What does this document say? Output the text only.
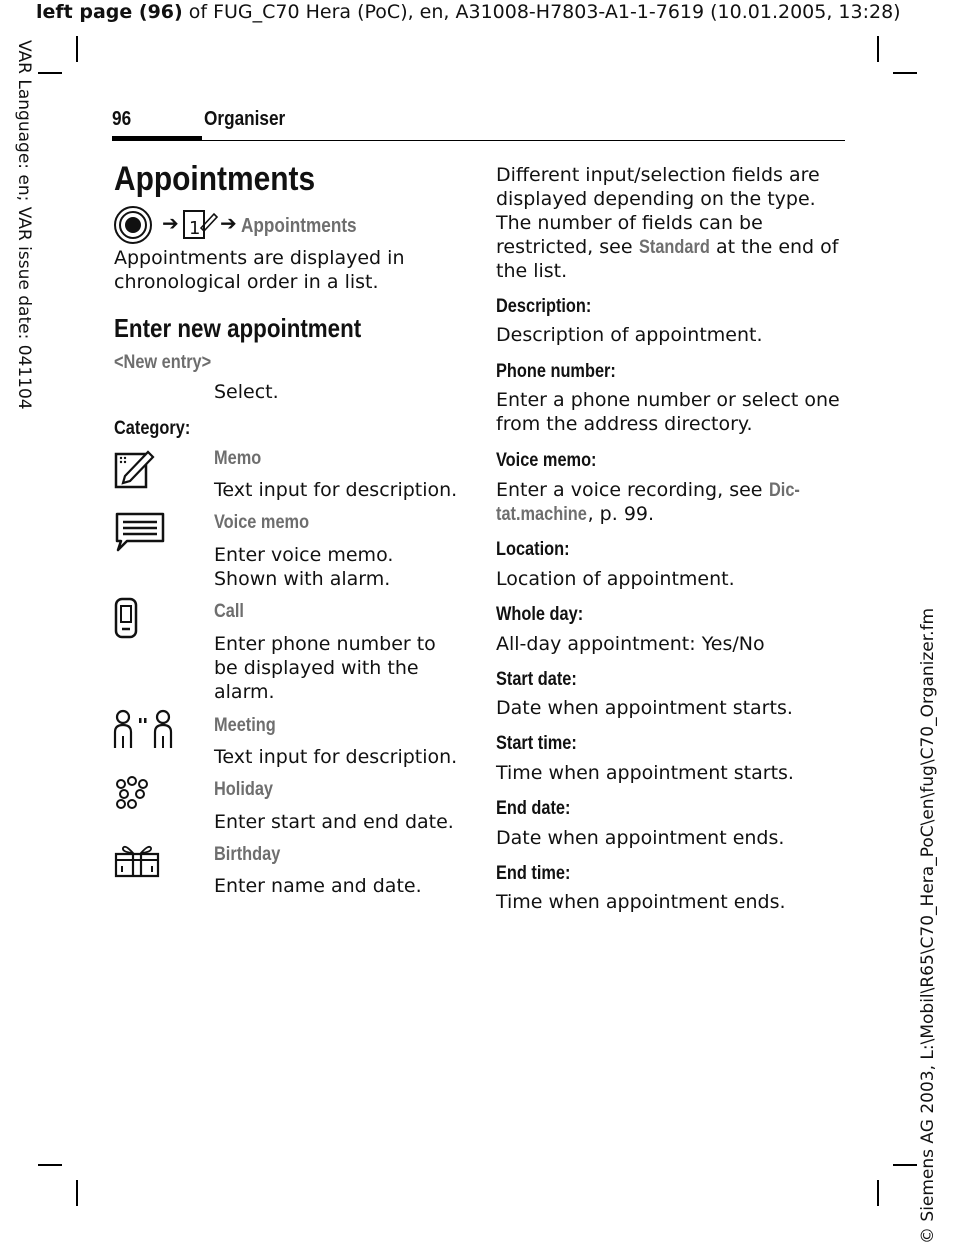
left page (96) of FUG_C70 Hera (PoC), en, A31008-H7803-A1-1-7619 (10.01.2005, 13:28)
VAR Language: en; VAR issue date: 041104
© Siemens AG 2003, L:\Mobil\R65\C70_Hera_PoC\en\fug\C70_Organizer.fm
96	Organiser
Appointments
➔ 1 ➔ Appointments
Appointments are displayed in
chronological order in a list.
Enter new appointment
<New entry>
Select.
Category:
Memo
Text input for description.
Voice memo
Enter voice memo.
Shown with alarm.
Call
Enter phone number to
be displayed with the
alarm.
Meeting
Text input for description.
Holiday
Enter start and end date.
Birthday
Enter name and date.
Different input/selection fields are
displayed depending on the type.
The number of fields can be
restricted, see Standard at the end of
the list.
Description:
Description of appointment.
Phone number:
Enter a phone number or select one
from the address directory.
Voice memo:
Enter a voice recording, see Dic-
tat.machine, p. 99.
Location:
Location of appointment.
Whole day:
All-day appointment: Yes/No
Start date:
Date when appointment starts.
Start time:
Time when appointment starts.
End date:
Date when appointment ends.
End time:
Time when appointment ends.
